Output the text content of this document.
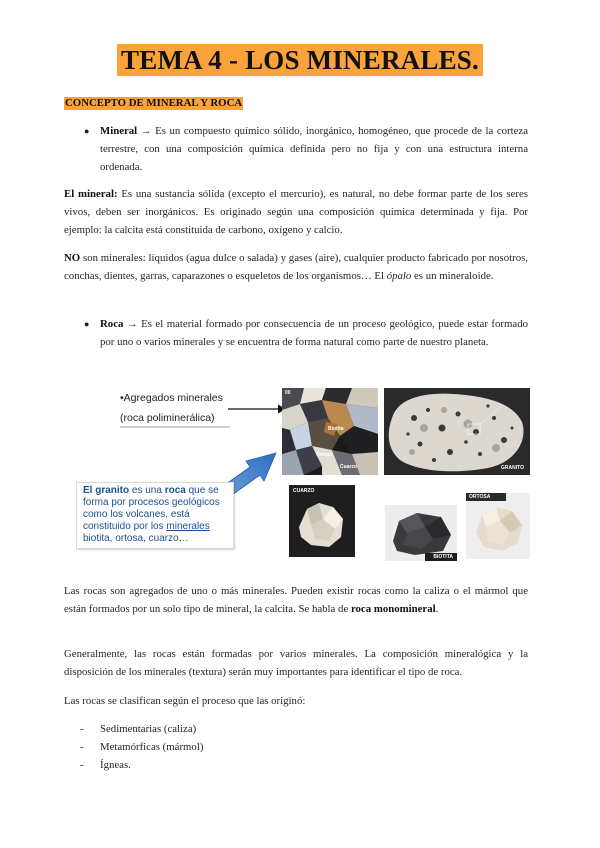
TEMA 4 - LOS MINERALES.
CONCEPTO DE MINERAL Y ROCA
● Mineral → Es un compuesto químico sólido, inorgánico, homogéneo, que procede de la corteza terrestre, con una composición química definida pero no fija y con una estructura interna ordenada.
El mineral: Es una sustancia sólida (excepto el mercurio), es natural, no debe formar parte de los seres vivos, deben ser inorgánicos. Es originado según una composición química determinada y fija. Por ejemplo: la calcita está constituida de carbono, oxígeno y calcio.
NO son minerales: líquidos (agua dulce o salada) y gases (aire), cualquier producto fabricado por nosotros, conchas, dientes, garras, caparazones o esqueletos de los organismos… El ópalo es un mineraloide.
● Roca → Es el material formado por consecuencia de un proceso geológico, puede estar formado por uno o varios minerales y se encuentra de forma natural como parte de nuestro planeta.
•Agregados minerales
(roca poliminerálica)
00
Biotita
Ortosa
Cuarzo	GRANITO
CUARZO
BIOTITA
ORTOSA
El granito es una roca que se forma por procesos geológicos como los volcanes, está constituido por los minerales biotita, ortosa, cuarzo…
Las rocas son agregados de uno o más minerales. Pueden existir rocas como la caliza o el mármol que están formados por un solo tipo de mineral, la calcita. Se habla de roca monomineral.
Generalmente, las rocas están formadas por varios minerales. La composición mineralógica y la disposición de los minerales (textura) serán muy importantes para identificar el tipo de roca.
Las rocas se clasifican según el proceso que las originó:
- Sedimentarias (caliza)
- Metamórficas (mármol)
- Ígneas.
